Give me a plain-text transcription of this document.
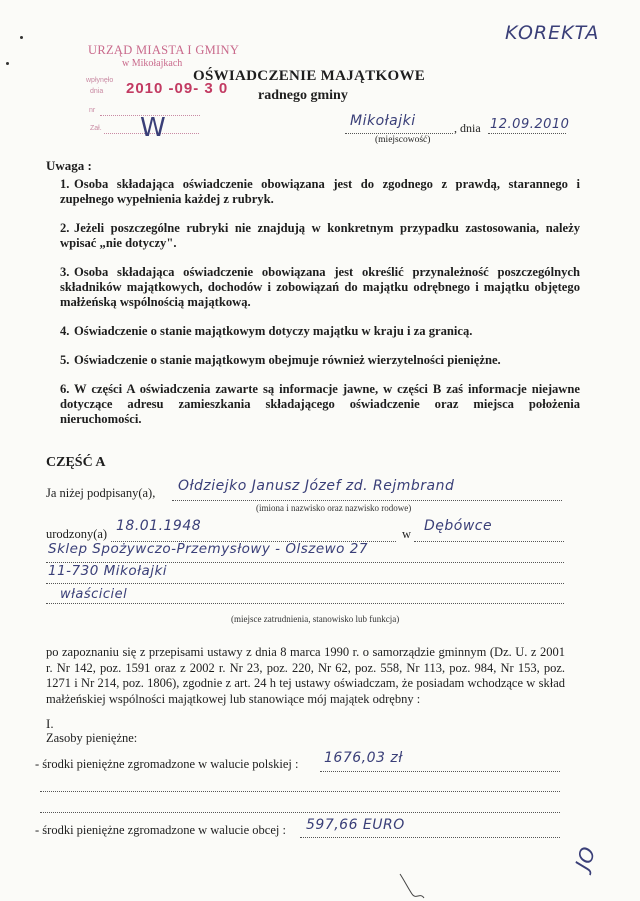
KOREKTA
URZĄD MIASTA I GMINY
w Mikołajkach
wpłynęło
dnia 2010 -09- 3 0
nr
Zał. W
OŚWIADCZENIE MAJĄTKOWE
radnego gminy
Mikołajki	, dnia 12.09.2010
(miejscowość)
Uwaga :
1. Osoba składająca oświadczenie obowiązana jest do zgodnego z prawdą, starannego i zupełnego wypełnienia każdej z rubryk.
2. Jeżeli poszczególne rubryki nie znajdują w konkretnym przypadku zastosowania, należy wpisać „nie dotyczy".
3. Osoba składająca oświadczenie obowiązana jest określić przynależność poszczególnych składników majątkowych, dochodów i zobowiązań do majątku odrębnego i majątku objętego małżeńską wspólnością majątkową.
4. Oświadczenie o stanie majątkowym dotyczy majątku w kraju i za granicą.
5. Oświadczenie o stanie majątkowym obejmuje również wierzytelności pieniężne.
6. W części A oświadczenia zawarte są informacje jawne, w części B zaś informacje niejawne dotyczące adresu zamieszkania składającego oświadczenie oraz miejsca położenia nieruchomości.
CZĘŚĆ A
Ja niżej podpisany(a), Ołdziejko Janusz Józef zd. Rejmbrand
(imiona i nazwisko oraz nazwisko rodowe)
urodzony(a) 18.01.1948	w Dębówce
Sklep Spożywczo-Przemysłowy - Olszewo 27
11-730 Mikołajki
właściciel
(miejsce zatrudnienia, stanowisko lub funkcja)
po zapoznaniu się z przepisami ustawy z dnia 8 marca 1990 r. o samorządzie gminnym (Dz. U. z 2001 r. Nr 142, poz. 1591 oraz z 2002 r. Nr 23, poz. 220, Nr 62, poz. 558, Nr 113, poz. 984, Nr 153, poz. 1271 i Nr 214, poz. 1806), zgodnie z art. 24 h tej ustawy oświadczam, że posiadam wchodzące w skład małżeńskiej wspólności majątkowej lub stanowiące mój majątek odrębny :
I.
Zasoby pieniężne:
- środki pieniężne zgromadzone w walucie polskiej : 1676,03 zł
- środki pieniężne zgromadzone w walucie obcej : 597,66 EURO
JO
